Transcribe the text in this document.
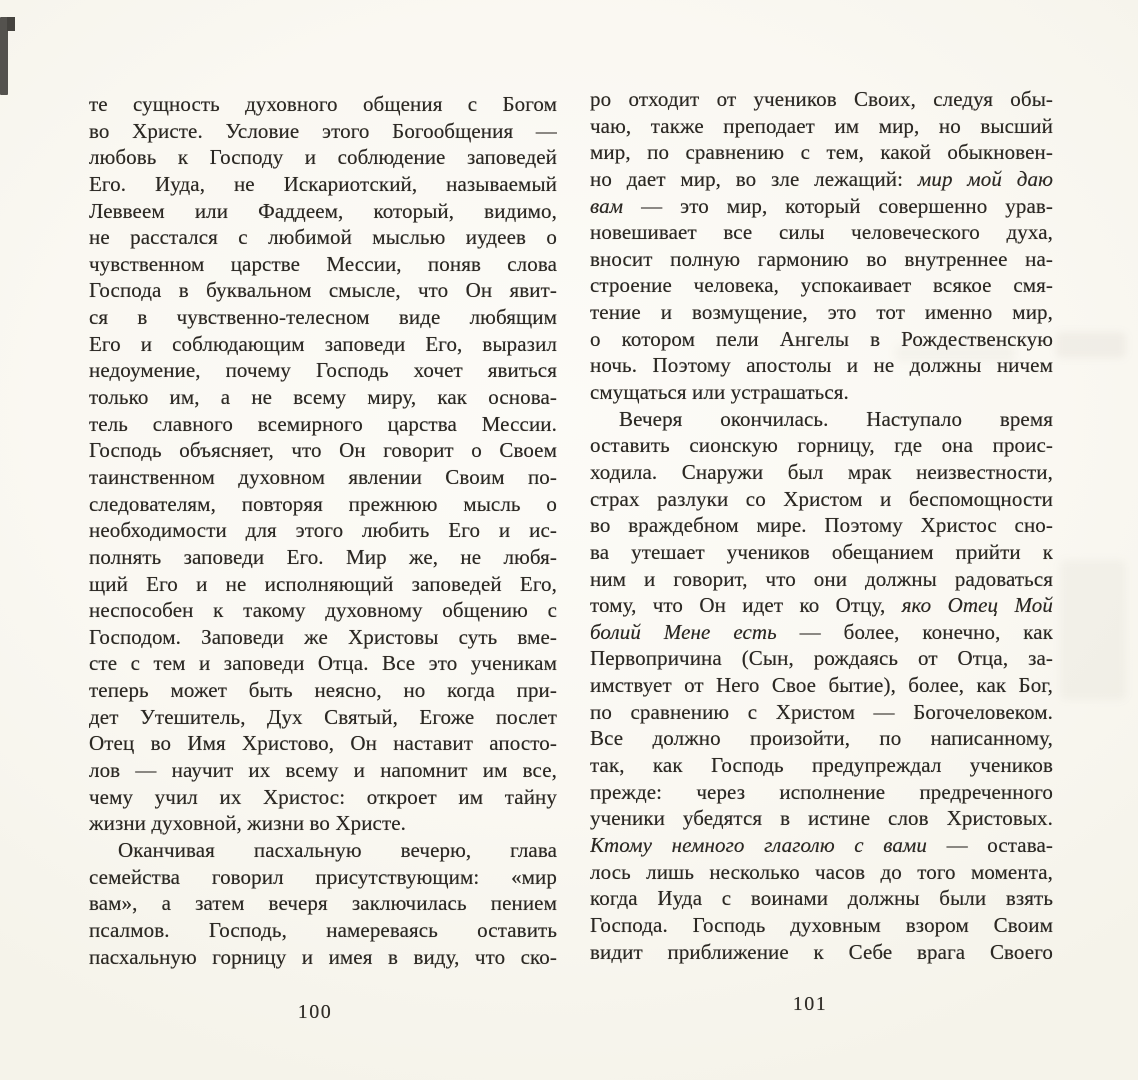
те сущность духовного общения с Богом
во Христе. Условие этого Богообщения —
любовь к Господу и соблюдение заповедей
Его. Иуда, не Искариотский, называемый
Леввеем или Фаддеем, который, видимо,
не расстался с любимой мыслью иудеев о
чувственном царстве Мессии, поняв слова
Господа в буквальном смысле, что Он явит-
ся в чувственно-телесном виде любящим
Его и соблюдающим заповеди Его, выразил
недоумение, почему Господь хочет явиться
только им, а не всему миру, как основа-
тель славного всемирного царства Мессии.
Господь объясняет, что Он говорит о Своем
таинственном духовном явлении Своим по-
следователям, повторяя прежнюю мысль о
необходимости для этого любить Его и ис-
полнять заповеди Его. Мир же, не любя-
щий Его и не исполняющий заповедей Его,
неспособен к такому духовному общению с
Господом. Заповеди же Христовы суть вме-
сте с тем и заповеди Отца. Все это ученикам
теперь может быть неясно, но когда при-
дет Утешитель, Дух Святый, Егоже послет
Отец во Имя Христово, Он наставит апосто-
лов — научит их всему и напомнит им все,
чему учил их Христос: откроет им тайну
жизни духовной, жизни во Христе.
Оканчивая пасхальную вечерю, глава
семейства говорил присутствующим: «мир
вам», а затем вечеря заключилась пением
псалмов. Господь, намереваясь оставить
пасхальную горницу и имея в виду, что ско-
100
ро отходит от учеников Своих, следуя обы-
чаю, также преподает им мир, но высший
мир, по сравнению с тем, какой обыкновен-
но дает мир, во зле лежащий: мир мой даю
вам — это мир, который совершенно урав-
новешивает все силы человеческого духа,
вносит полную гармонию во внутреннее на-
строение человека, успокаивает всякое смя-
тение и возмущение, это тот именно мир,
о котором пели Ангелы в Рождественскую
ночь. Поэтому апостолы и не должны ничем
смущаться или устрашаться.
Вечеря окончилась. Наступало время
оставить сионскую горницу, где она проис-
ходила. Снаружи был мрак неизвестности,
страх разлуки со Христом и беспомощности
во враждебном мире. Поэтому Христос сно-
ва утешает учеников обещанием прийти к
ним и говорит, что они должны радоваться
тому, что Он идет ко Отцу, яко Отец Мой
болий Мене есть — более, конечно, как
Первопричина (Сын, рождаясь от Отца, за-
имствует от Него Свое бытие), более, как Бог,
по сравнению с Христом — Богочеловеком.
Все должно произойти, по написанному,
так, как Господь предупреждал учеников
прежде: через исполнение предреченного
ученики убедятся в истине слов Христовых.
Ктому немного глаголю с вами — остава-
лось лишь несколько часов до того момента,
когда Иуда с воинами должны были взять
Господа. Господь духовным взором Своим
видит приближение к Себе врага Своего
101
